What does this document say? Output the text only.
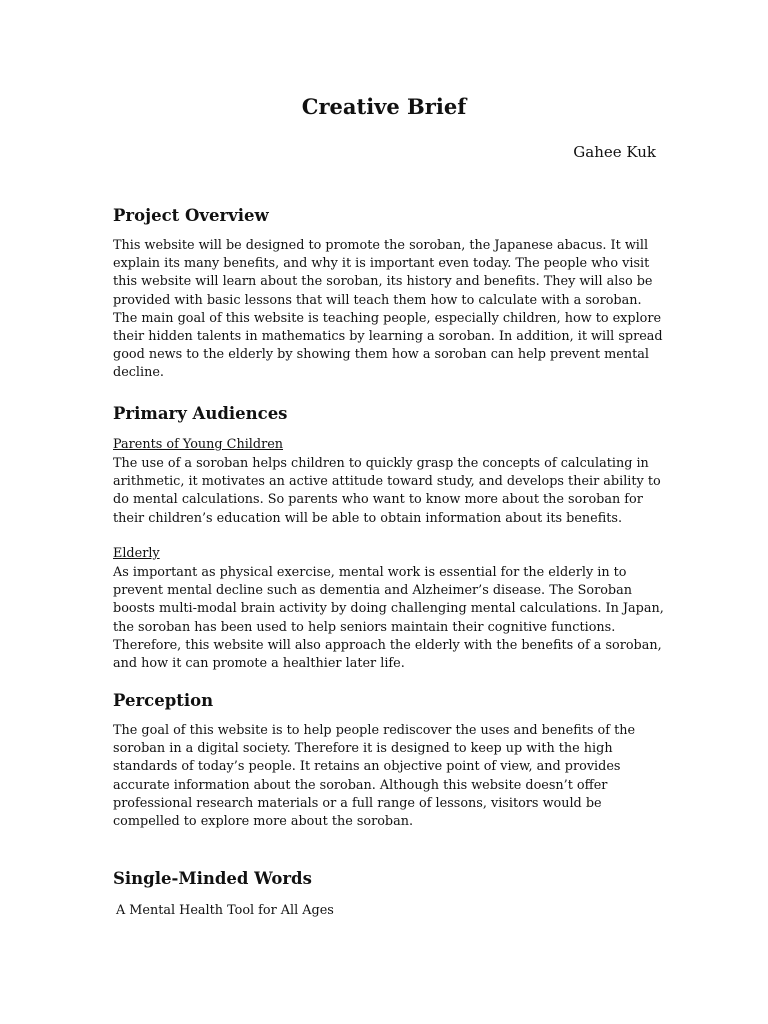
Creative Brief

Gahee Kuk

Project Overview

This website will be designed to promote the soroban, the Japanese abacus. It will
explain its many benefits, and why it is important even today. The people who visit
this website will learn about the soroban, its history and benefits. They will also be
provided with basic lessons that will teach them how to calculate with a soroban.
The main goal of this website is teaching people, especially children, how to explore
their hidden talents in mathematics by learning a soroban. In addition, it will spread
good news to the elderly by showing them how a soroban can help prevent mental
decline.

Primary Audiences

Parents of Young Children

The use of a soroban helps children to quickly grasp the concepts of calculating in
arithmetic, it motivates an active attitude toward study, and develops their ability to
do mental calculations. So parents who want to know more about the soroban for
their children’s education will be able to obtain information about its benefits.

Elderly

As important as physical exercise, mental work is essential for the elderly in to
prevent mental decline such as dementia and Alzheimer’s disease. The Soroban
boosts multi-modal brain activity by doing challenging mental calculations. In Japan,
the soroban has been used to help seniors maintain their cognitive functions.
Therefore, this website will also approach the elderly with the benefits of a soroban,
and how it can promote a healthier later life.

Perception

The goal of this website is to help people rediscover the uses and benefits of the
soroban in a digital society. Therefore it is designed to keep up with the high
standards of today’s people. It retains an objective point of view, and provides
accurate information about the soroban. Although this website doesn’t offer
professional research materials or a full range of lessons, visitors would be
compelled to explore more about the soroban.

Single-Minded Words

A Mental Health Tool for All Ages
